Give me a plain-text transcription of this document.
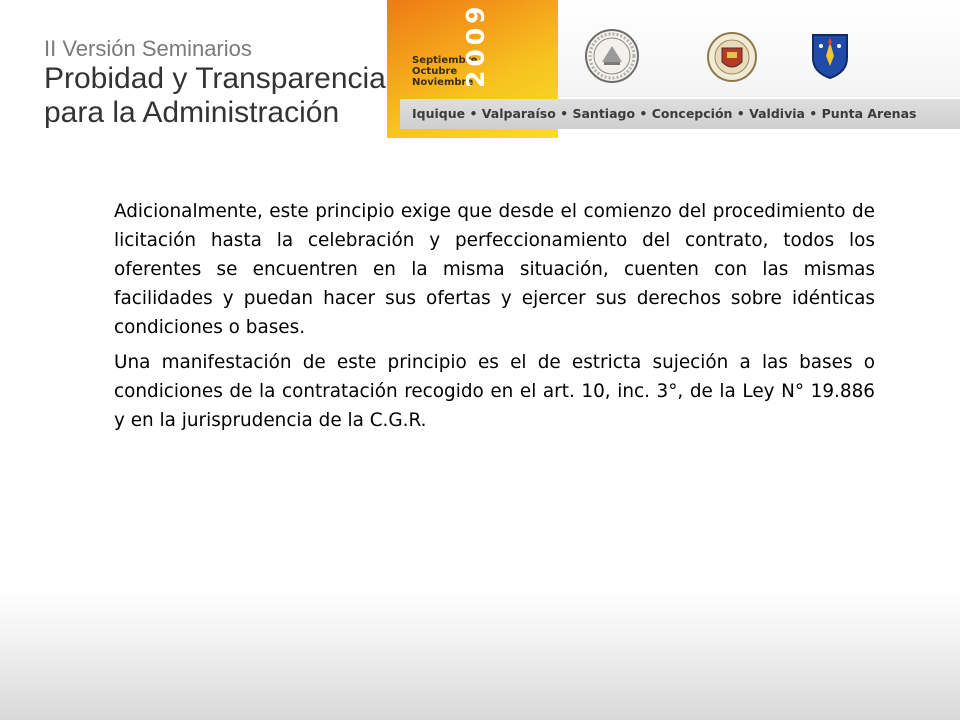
II Versión Seminarios
Probidad y Transparencia
para la Administración
Septiembre
Octubre
Noviembre
2009
Iquique • Valparaíso • Santiago • Concepción • Valdivia • Punta Arenas

Adicionalmente, este principio exige que desde el comienzo del procedimiento de licitación hasta la celebración y perfeccionamiento del contrato, todos los oferentes se encuentren en la misma situación, cuenten con las mismas facilidades y puedan hacer sus ofertas y ejercer sus derechos sobre idénticas condiciones o bases.

Una manifestación de este principio es el de estricta sujeción a las bases o condiciones de la contratación recogido en el art. 10, inc. 3°, de la Ley N° 19.886 y en la jurisprudencia de la C.G.R.
